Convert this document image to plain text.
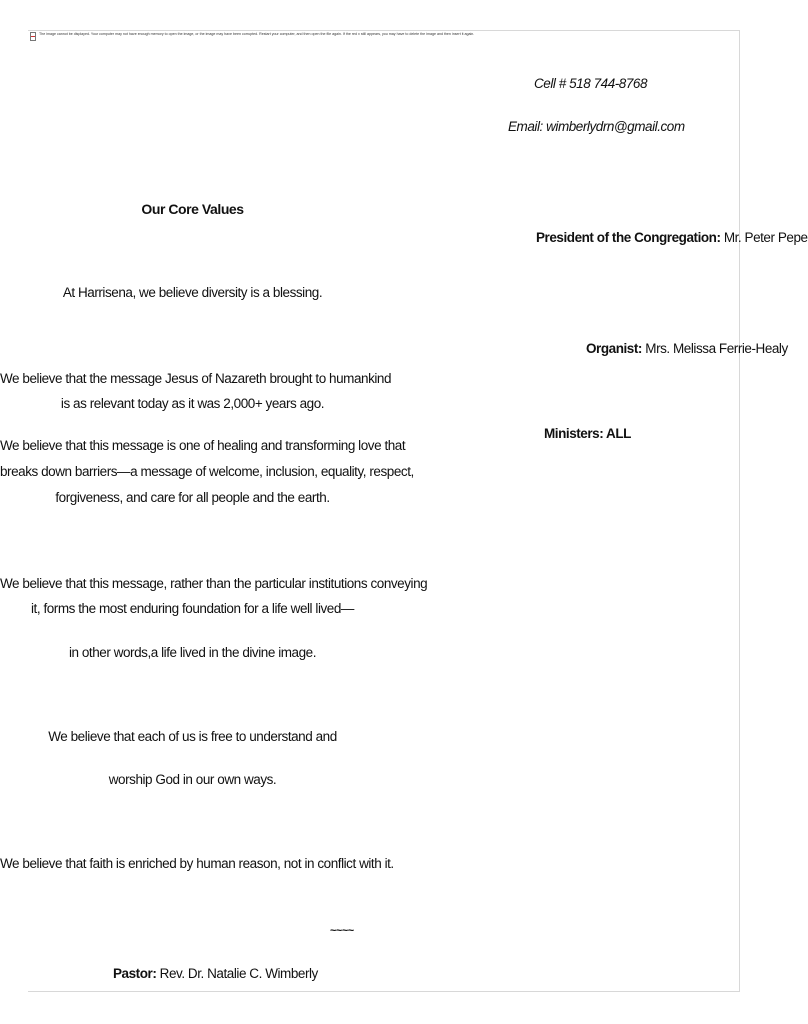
The image cannot be displayed. Your computer may not have enough memory to open the image, or the image may have been corrupted. Restart your computer, and then open the file again. If the red x still appears, you may have to delete the image and then insert it again.
Cell # 518 744-8768
Email: wimberlydrn@gmail.com
Our Core Values
At Harrisena, we believe diversity is a blessing.
We believe that the message Jesus of Nazareth brought to humankind
is as relevant today as it was 2,000+ years ago.
We believe that this message is one of healing and transforming love that
breaks down barriers—a message of welcome, inclusion, equality, respect,
forgiveness, and care for all people and the earth.
We believe that this message, rather than the particular institutions conveying
it, forms the most enduring foundation for a life well lived—
in other words,a life lived in the divine image.
We believe that each of us is free to understand and
worship God in our own ways.
We believe that faith is enriched by human reason, not in conflict with it.
~~~~
Pastor: Rev. Dr. Natalie C. Wimberly
President of the Congregation: Mr. Peter Pepe
Organist: Mrs. Melissa Ferrie-Healy
Ministers: ALL
